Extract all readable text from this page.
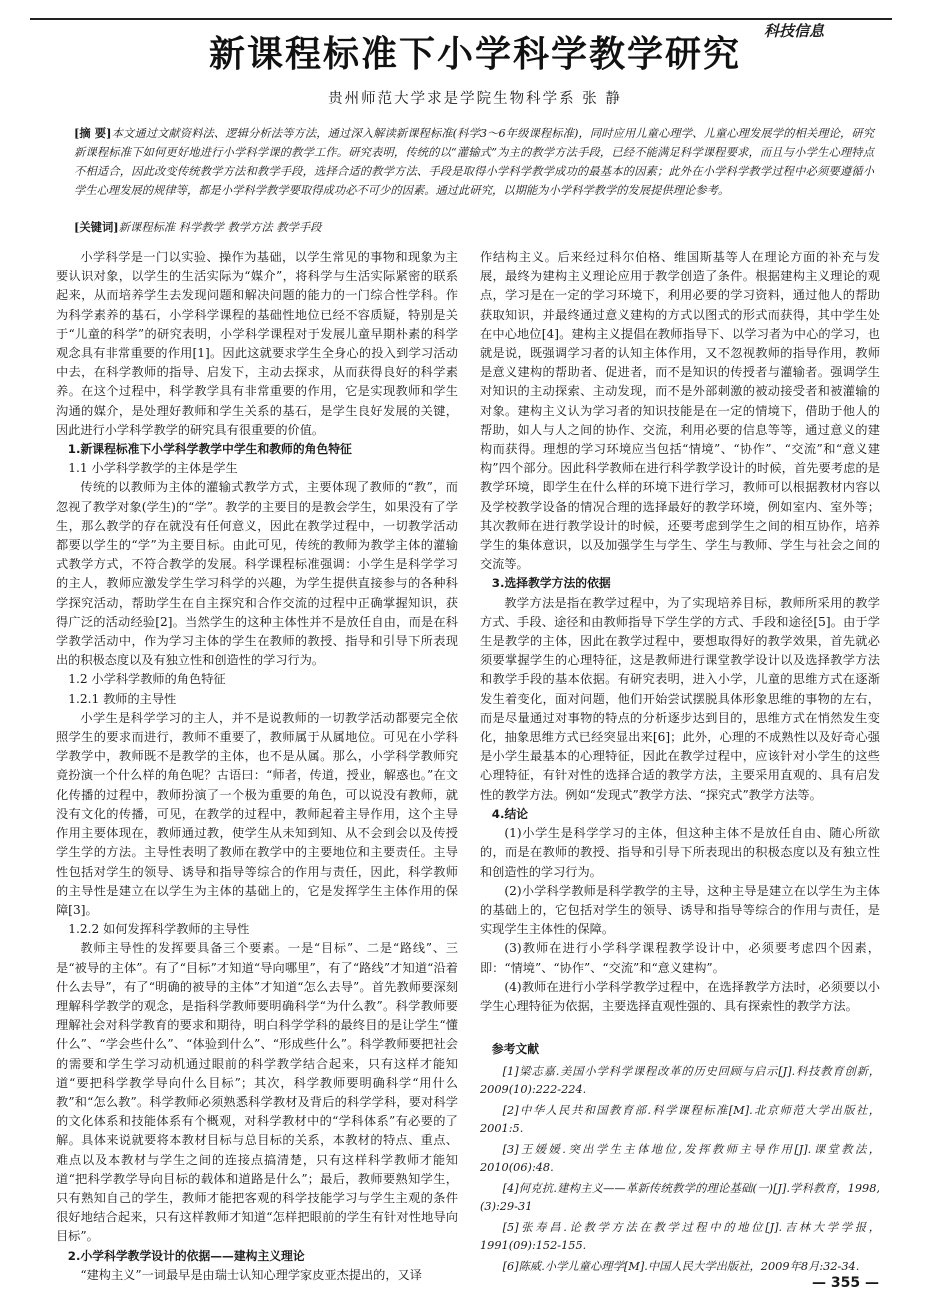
科技信息
新课程标准下小学科学教学研究
贵州师范大学求是学院生物科学系 张 静
[摘 要]本文通过文献资料法、逻辑分析法等方法，通过深入解读新课程标准(科学3～6年级课程标准)，同时应用儿童心理学、儿童心理发展学的相关理论，研究新课程标准下如何更好地进行小学科学课的教学工作。研究表明，传统的以“灌输式”为主的教学方法手段，已经不能满足科学课程要求，而且与小学生心理特点不相适合，因此改变传统教学方法和教学手段，选择合适的教学方法、手段是取得小学科学教学成功的最基本的因素；此外在小学科学教学过程中必须要遵循小学生心理发展的规律等，都是小学科学教学要取得成功必不可少的因素。通过此研究，以期能为小学科学教学的发展提供理论参考。
[关键词]新课程标准 科学教学 教学方法 教学手段
小学科学是一门以实验、操作为基础，以学生常见的事物和现象为主要认识对象，以学生的生活实际为“媒介”，将科学与生活实际紧密的联系起来，从而培养学生去发现问题和解决问题的能力的一门综合性学科。作为科学素养的基石，小学科学课程的基础性地位已经不容质疑，特别是关于“儿童的科学”的研究表明，小学科学课程对于发展儿童早期朴素的科学观念具有非常重要的作用[1]。因此这就要求学生全身心的投入到学习活动中去，在科学教师的指导、启发下，主动去探求，从而获得良好的科学素养。在这个过程中，科学教学具有非常重要的作用，它是实现教师和学生沟通的媒介，是处理好教师和学生关系的基石，是学生良好发展的关键，因此进行小学科学教学的研究具有很重要的价值。
1.新课程标准下小学科学教学中学生和教师的角色特征
1.1 小学科学教学的主体是学生
传统的以教师为主体的灌输式教学方式，主要体现了教师的“教”，而忽视了教学对象(学生)的“学”。教学的主要目的是教会学生，如果没有了学生，那么教学的存在就没有任何意义，因此在教学过程中，一切教学活动都要以学生的“学”为主要目标。由此可见，传统的教师为教学主体的灌输式教学方式，不符合教学的发展。科学课程标准强调：小学生是科学学习的主人，教师应激发学生学习科学的兴趣，为学生提供直接参与的各种科学探究活动，帮助学生在自主探究和合作交流的过程中正确掌握知识，获得广泛的活动经验[2]。当然学生的这种主体性并不是放任自由，而是在科学教学活动中，作为学习主体的学生在教师的教授、指导和引导下所表现出的积极态度以及有独立性和创造性的学习行为。
1.2 小学科学教师的角色特征
1.2.1 教师的主导性
小学生是科学学习的主人，并不是说教师的一切教学活动都要完全依照学生的要求而进行，教师不重要了，教师属于从属地位。可见在小学科学教学中，教师既不是教学的主体，也不是从属。那么，小学科学教师究竟扮演一个什么样的角色呢？古语曰：“师者，传道，授业，解惑也。”在文化传播的过程中，教师扮演了一个极为重要的角色，可以说没有教师，就没有文化的传播，可见，在教学的过程中，教师起着主导作用，这个主导作用主要体现在，教师通过教，使学生从未知到知、从不会到会以及传授学生学的方法。主导性表明了教师在教学中的主要地位和主要责任。主导性包括对学生的领导、诱导和指导等综合的作用与责任，因此，科学教师的主导性是建立在以学生为主体的基础上的，它是发挥学生主体作用的保障[3]。
1.2.2 如何发挥科学教师的主导性
教师主导性的发挥要具备三个要素。一是“目标”、二是“路线”、三是“被导的主体”。有了“目标”才知道“导向哪里”，有了“路线”才知道“沿着什么去导”，有了“明确的被导的主体”才知道“怎么去导”。首先教师要深刻理解科学教学的观念，是指科学教师要明确科学“为什么教”。科学教师要理解社会对科学教育的要求和期待，明白科学学科的最终目的是让学生“懂什么”、“学会些什么”、“体验到什么”、“形成些什么”。科学教师要把社会的需要和学生学习动机通过眼前的科学教学结合起来，只有这样才能知道“要把科学教学导向什么目标”；其次，科学教师要明确科学“用什么教”和“怎么教”。科学教师必须熟悉科学教材及背后的科学学科，要对科学的文化体系和技能体系有个概观，对科学教材中的“学科体系”有必要的了解。具体来说就要将本教材目标与总目标的关系，本教材的特点、重点、难点以及本教材与学生之间的连接点搞清楚，只有这样科学教师才能知道“把科学教学导向目标的载体和道路是什么”；最后，教师要熟知学生，只有熟知自己的学生，教师才能把客观的科学技能学习与学生主观的条件很好地结合起来，只有这样教师才知道“怎样把眼前的学生有针对性地导向目标”。
2.小学科学教学设计的依据——建构主义理论
“建构主义”一词最早是由瑞士认知心理学家皮亚杰提出的，又译
作结构主义。后来经过科尔伯格、维国斯基等人在理论方面的补充与发展，最终为建构主义理论应用于教学创造了条件。根据建构主义理论的观点，学习是在一定的学习环境下，利用必要的学习资料，通过他人的帮助获取知识，并最终通过意义建构的方式以图式的形式而获得，其中学生处在中心地位[4]。建构主义提倡在教师指导下、以学习者为中心的学习，也就是说，既强调学习者的认知主体作用，又不忽视教师的指导作用，教师是意义建构的帮助者、促进者，而不是知识的传授者与灌输者。强调学生对知识的主动探索、主动发现，而不是外部刺激的被动接受者和被灌输的对象。建构主义认为学习者的知识技能是在一定的情境下，借助于他人的帮助，如人与人之间的协作、交流，利用必要的信息等等，通过意义的建构而获得。理想的学习环境应当包括“情境”、“协作”、“交流”和“意义建构”四个部分。因此科学教师在进行科学教学设计的时候，首先要考虑的是教学环境，即学生在什么样的环境下进行学习，教师可以根据教材内容以及学校教学设备的情况合理的选择最好的教学环境，例如室内、室外等；其次教师在进行教学设计的时候，还要考虑到学生之间的相互协作，培养学生的集体意识，以及加强学生与学生、学生与教师、学生与社会之间的交流等。
3.选择教学方法的依据
教学方法是指在教学过程中，为了实现培养目标，教师所采用的教学方式、手段、途径和由教师指导下学生学的方式、手段和途径[5]。由于学生是教学的主体，因此在教学过程中，要想取得好的教学效果，首先就必须要掌握学生的心理特征，这是教师进行课堂教学设计以及选择教学方法和教学手段的基本依据。有研究表明，进入小学，儿童的思维方式在逐渐发生着变化，面对问题，他们开始尝试摆脱具体形象思维的事物的左右，而是尽量通过对事物的特点的分析逐步达到目的，思维方式在悄然发生变化，抽象思维方式已经突显出来[6]；此外，心理的不成熟性以及好奇心强是小学生最基本的心理特征，因此在教学过程中，应该针对小学生的这些心理特征，有针对性的选择合适的教学方法，主要采用直观的、具有启发性的教学方法。例如“发现式”教学方法、“探究式”教学方法等。
4.结论
(1)小学生是科学学习的主体，但这种主体不是放任自由、随心所欲的，而是在教师的教授、指导和引导下所表现出的积极态度以及有独立性和创造性的学习行为。
(2)小学科学教师是科学教学的主导，这种主导是建立在以学生为主体的基础上的，它包括对学生的领导、诱导和指导等综合的作用与责任，是实现学生主体性的保障。
(3)教师在进行小学科学课程教学设计中，必须要考虑四个因素，即：“情境”、“协作”、“交流”和“意义建构”。
(4)教师在进行小学科学教学过程中，在选择教学方法时，必须要以小学生心理特征为依据，主要选择直观性强的、具有探索性的教学方法。
参考文献
[1]梁志嘉.美国小学科学课程改革的历史回顾与启示[J].科技教育创新，2009(10):222-224.
[2]中华人民共和国教育部.科学课程标准[M].北京师范大学出版社，2001:5.
[3]王媛媛.突出学生主体地位,发挥教师主导作用[J].课堂教法，2010(06):48.
[4]何克抗.建构主义——革新传统教学的理论基础(一)[J].学科教育，1998,(3):29-31
[5]张寿昌.论教学方法在教学过程中的地位[J].吉林大学学报，1991(09):152-155.
[6]陈威.小学儿童心理学[M].中国人民大学出版社，2009年8月:32-34.
— 355 —
